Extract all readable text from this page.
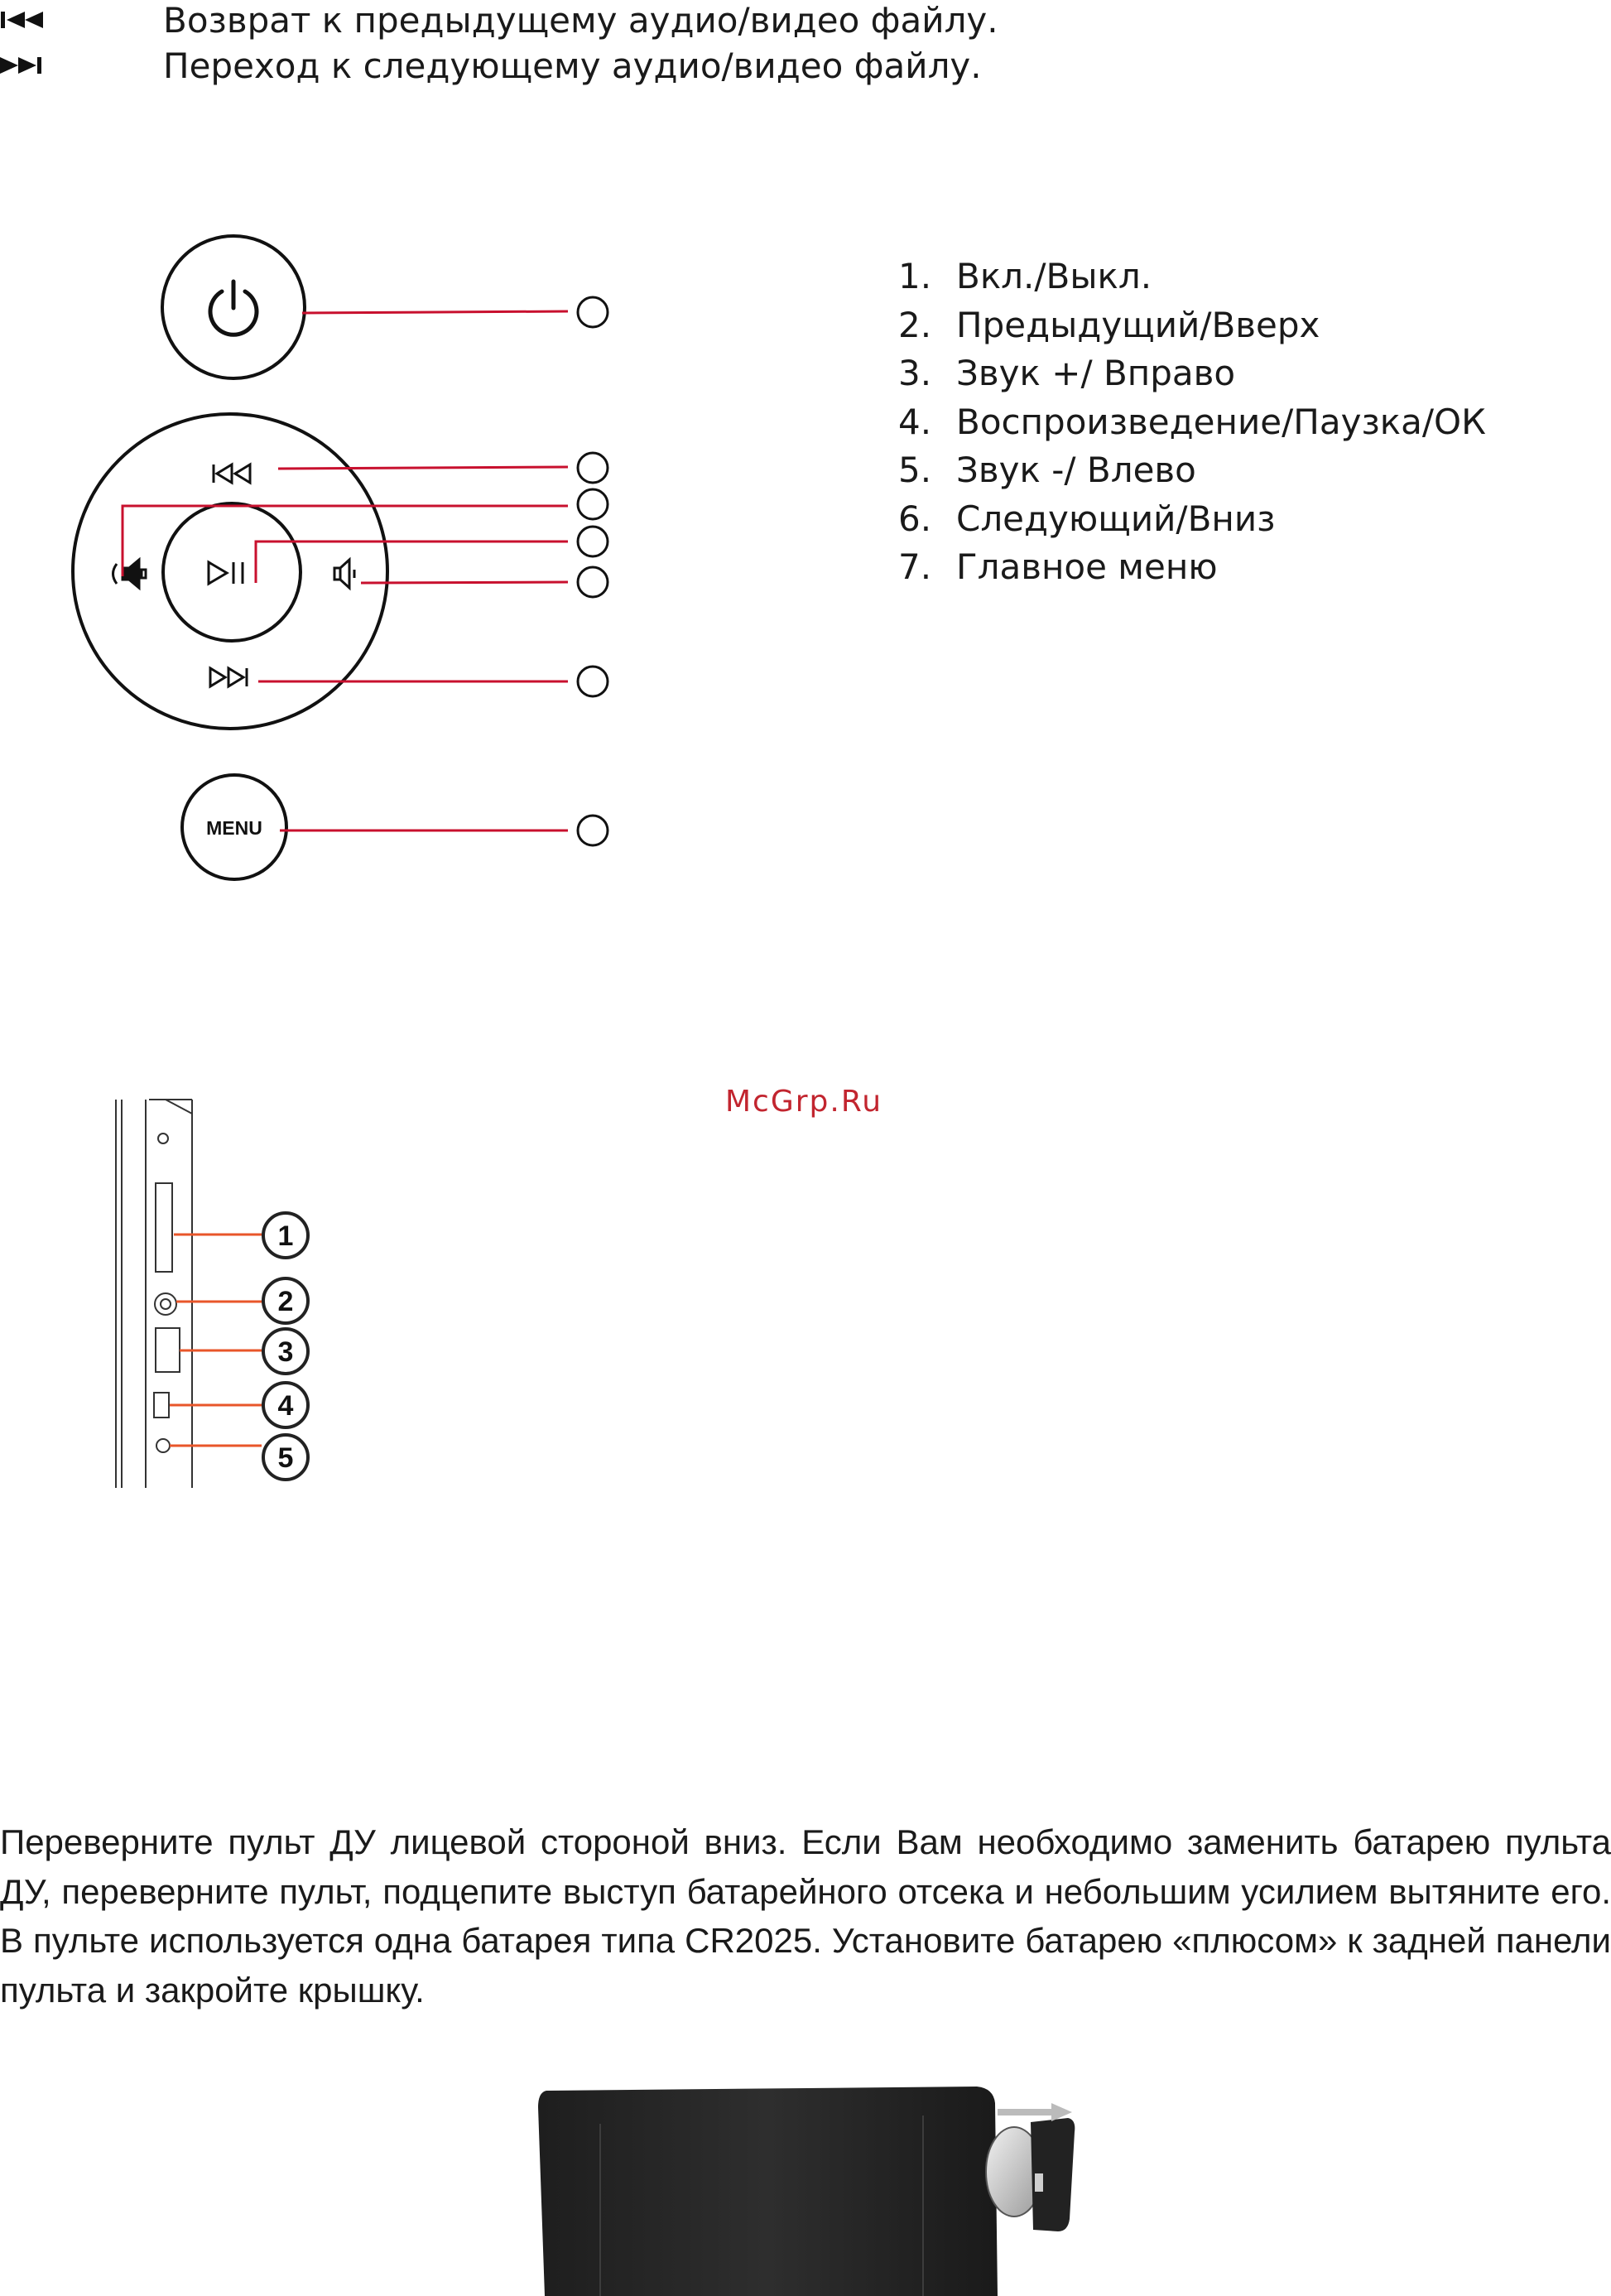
Возврат к предыдущему аудио/видео файлу.
Переход к следующему аудио/видео файлу.
MENU
1. Вкл./Выкл.
2. Предыдущий/Вверх
3. Звук +/ Вправо
4. Воспроизведение/Паузка/ОК
5. Звук -/ Влево
6. Следующий/Вниз
7. Главное меню
McGrp.Ru
1
2
3
4
5

Переверните пульт ДУ лицевой стороной вниз. Если Вам необходимо заменить батарею пульта ДУ, переверните пульт, подцепите выступ батарейного отсека и небольшим усилием вытяните его. В пульте используется одна батарея типа CR2025. Установите батарею «плюсом» к задней панели пульта и закройте крышку.
